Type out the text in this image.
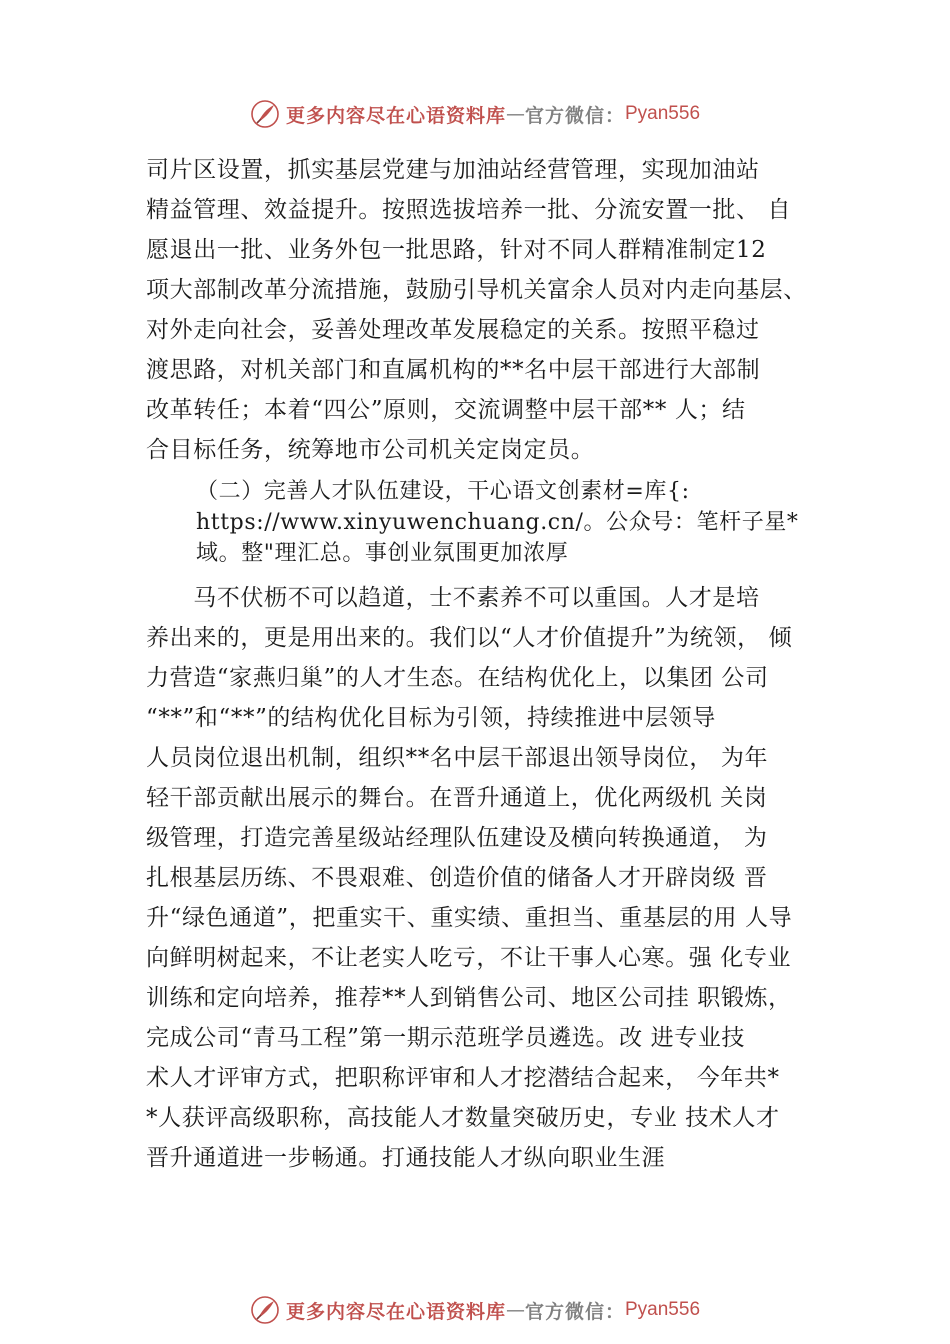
更多内容尽在心语资料库 — 官方微信： Pyan556
司片区设置，抓实基层党建与加油站经营管理，实现加油站
精益管理、效益提升。按照选拔培养一批、分流安置一批、 自
愿退出一批、业务外包一批思路，针对不同人群精准制定12
项大部制改革分流措施，鼓励引导机关富余人员对内走向基层、
对外走向社会，妥善处理改革发展稳定的关系。按照平稳过
渡思路，对机关部门和直属机构的**名中层干部进行大部制
改革转任；本着“四公”原则，交流调整中层干部** 人；结
合目标任务，统筹地市公司机关定岗定员。
（二）完善人才队伍建设，干心语文创素材=库{:
https://www.xinyuwenchuang.cn/。公众号：笔杆子星*
域。整"理汇总。事创业氛围更加浓厚
　　马不伏枥不可以趋道，士不素养不可以重国。人才是培
养出来的，更是用出来的。我们以“人才价值提升”为统领， 倾
力营造“家燕归巢”的人才生态。在结构优化上，以集团 公司
“**”和“**”的结构优化目标为引领，持续推进中层领导
人员岗位退出机制，组织**名中层干部退出领导岗位， 为年
轻干部贡献出展示的舞台。在晋升通道上，优化两级机 关岗
级管理，打造完善星级站经理队伍建设及横向转换通道， 为
扎根基层历练、不畏艰难、创造价值的储备人才开辟岗级 晋
升“绿色通道”，把重实干、重实绩、重担当、重基层的用 人导
向鲜明树起来，不让老实人吃亏，不让干事人心寒。强 化专业
训练和定向培养，推荐**人到销售公司、地区公司挂 职锻炼，
完成公司“青马工程”第一期示范班学员遴选。改 进专业技
术人才评审方式，把职称评审和人才挖潜结合起来， 今年共*
*人获评高级职称，高技能人才数量突破历史，专业 技术人才
晋升通道进一步畅通。打通技能人才纵向职业生涯
更多内容尽在心语资料库 — 官方微信： Pyan556
